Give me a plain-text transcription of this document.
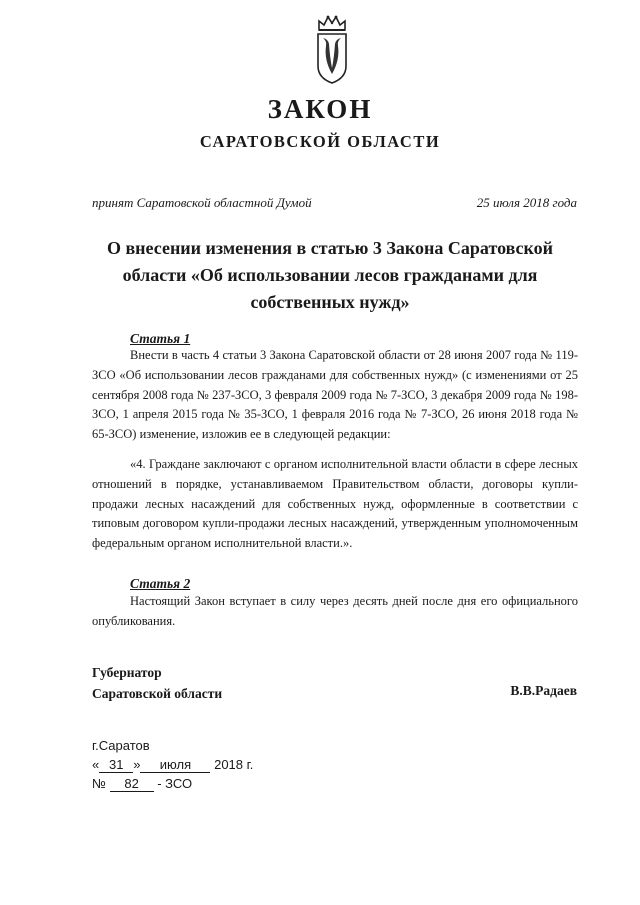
ЗАКОН
САРАТОВСКОЙ ОБЛАСТИ
принят Саратовской областной Думой	25 июля 2018 года
О внесении изменения в статью 3 Закона Саратовской области «Об использовании лесов гражданами для собственных нужд»
Статья 1

Внести в часть 4 статьи 3 Закона Саратовской области от 28 июня 2007 года № 119-ЗСО «Об использовании лесов гражданами для собственных нужд» (с изменениями от 25 сентября 2008 года № 237-ЗСО, 3 февраля 2009 года № 7-ЗСО, 3 декабря 2009 года № 198-ЗСО, 1 апреля 2015 года № 35-ЗСО, 1 февраля 2016 года № 7-ЗСО, 26 июня 2018 года № 65-ЗСО) изменение, изложив ее в следующей редакции:

«4. Граждане заключают с органом исполнительной власти области в сфере лесных отношений в порядке, устанавливаемом Правительством области, договоры купли-продажи лесных насаждений для собственных нужд, оформленные в соответствии с типовым договором купли-продажи лесных насаждений, утвержденным уполномоченным федеральным органом исполнительной власти.».

Статья 2

Настоящий Закон вступает в силу через десять дней после дня его официального опубликования.

Губернатор
Саратовской области	В.В.Радаев
г.Саратов
« 31 » июля 2018 г.
№ 82 - ЗСО
